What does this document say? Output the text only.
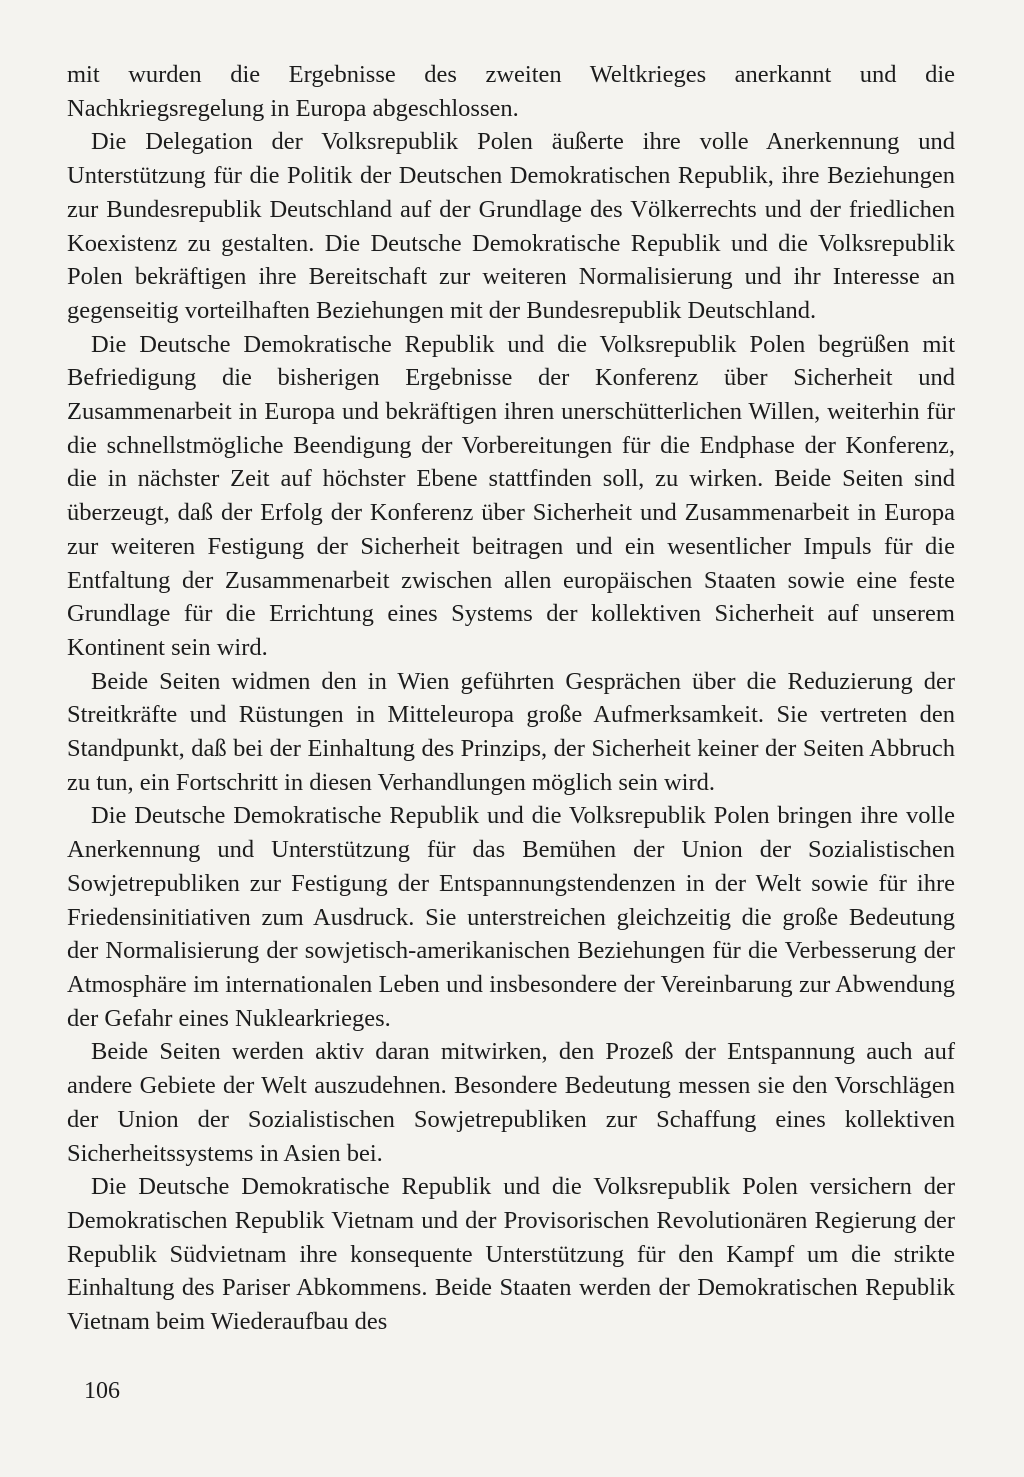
mit wurden die Ergebnisse des zweiten Weltkrieges anerkannt und die Nachkriegsregelung in Europa abgeschlossen.

Die Delegation der Volksrepublik Polen äußerte ihre volle Anerkennung und Unterstützung für die Politik der Deutschen Demokratischen Republik, ihre Beziehungen zur Bundesrepublik Deutschland auf der Grundlage des Völkerrechts und der friedlichen Koexistenz zu gestalten. Die Deutsche Demokratische Republik und die Volksrepublik Polen bekräftigen ihre Bereitschaft zur weiteren Normalisierung und ihr Interesse an gegenseitig vorteilhaften Beziehungen mit der Bundesrepublik Deutschland.

Die Deutsche Demokratische Republik und die Volksrepublik Polen begrüßen mit Befriedigung die bisherigen Ergebnisse der Konferenz über Sicherheit und Zusammenarbeit in Europa und bekräftigen ihren unerschütterlichen Willen, weiterhin für die schnellstmögliche Beendigung der Vorbereitungen für die Endphase der Konferenz, die in nächster Zeit auf höchster Ebene stattfinden soll, zu wirken. Beide Seiten sind überzeugt, daß der Erfolg der Konferenz über Sicherheit und Zusammenarbeit in Europa zur weiteren Festigung der Sicherheit beitragen und ein wesentlicher Impuls für die Entfaltung der Zusammenarbeit zwischen allen europäischen Staaten sowie eine feste Grundlage für die Errichtung eines Systems der kollektiven Sicherheit auf unserem Kontinent sein wird.

Beide Seiten widmen den in Wien geführten Gesprächen über die Reduzierung der Streitkräfte und Rüstungen in Mitteleuropa große Aufmerksamkeit. Sie vertreten den Standpunkt, daß bei der Einhaltung des Prinzips, der Sicherheit keiner der Seiten Abbruch zu tun, ein Fortschritt in diesen Verhandlungen möglich sein wird.

Die Deutsche Demokratische Republik und die Volksrepublik Polen bringen ihre volle Anerkennung und Unterstützung für das Bemühen der Union der Sozialistischen Sowjetrepubliken zur Festigung der Entspannungstendenzen in der Welt sowie für ihre Friedensinitiativen zum Ausdruck. Sie unterstreichen gleichzeitig die große Bedeutung der Normalisierung der sowjetisch-amerikanischen Beziehungen für die Verbesserung der Atmosphäre im internationalen Leben und insbesondere der Vereinbarung zur Abwendung der Gefahr eines Nuklearkrieges.

Beide Seiten werden aktiv daran mitwirken, den Prozeß der Entspannung auch auf andere Gebiete der Welt auszudehnen. Besondere Bedeutung messen sie den Vorschlägen der Union der Sozialistischen Sowjetrepubliken zur Schaffung eines kollektiven Sicherheitssystems in Asien bei.

Die Deutsche Demokratische Republik und die Volksrepublik Polen versichern der Demokratischen Republik Vietnam und der Provisorischen Revolutionären Regierung der Republik Südvietnam ihre konsequente Unterstützung für den Kampf um die strikte Einhaltung des Pariser Abkommens. Beide Staaten werden der Demokratischen Republik Vietnam beim Wiederaufbau des

106
